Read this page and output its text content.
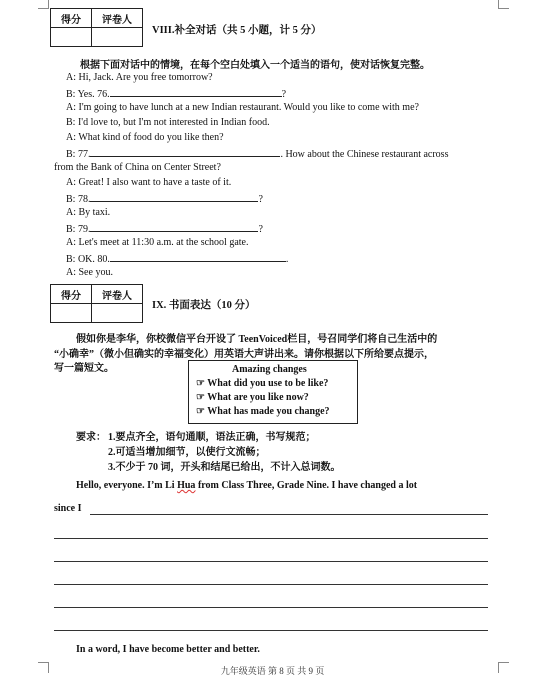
得分	评卷人

VIII.补全对话（共 5 小题，计 5 分）
根据下面对话中的情境，在每个空白处填入一个适当的语句，使对话恢复完整。
A: Hi, Jack. Are you free tomorrow?
B: Yes. 76.	?
A: I'm going to have lunch at a new Indian restaurant. Would you like to come with me?
B: I'd love to, but I'm not interested in Indian food.
A: What kind of food do you like then?
B: 77.	. How about the Chinese restaurant across
from the Bank of China on Center Street?
A: Great! I also want to have a taste of it.
B: 78.	?
A: By taxi.
B: 79.	?
A: Let's meet at 11:30 a.m. at the school gate.
B: OK. 80.	.
A: See you.
得分	评卷人

IX. 书面表达（10 分）
假如你是李华，你校微信平台开设了 TeenVoiced栏目，号召同学们将自己生活中的
“小确幸”（微小但确实的幸福变化）用英语大声讲出来。请你根据以下所给要点提示，
写一篇短文。	Amazing changes
☞ What did you use to be like?
☞ What are you like now?
☞ What has made you change?
要求： 1.要点齐全，语句通顺，语法正确，书写规范；
2.可适当增加细节，以使行文流畅；
3.不少于 70 词，开头和结尾已给出，不计入总词数。
Hello, everyone. I’m Li Hua from Class Three, Grade Nine. I have changed a lot
since I
In a word, I have become better and better.
九年级英语 第 8 页 共 9 页
